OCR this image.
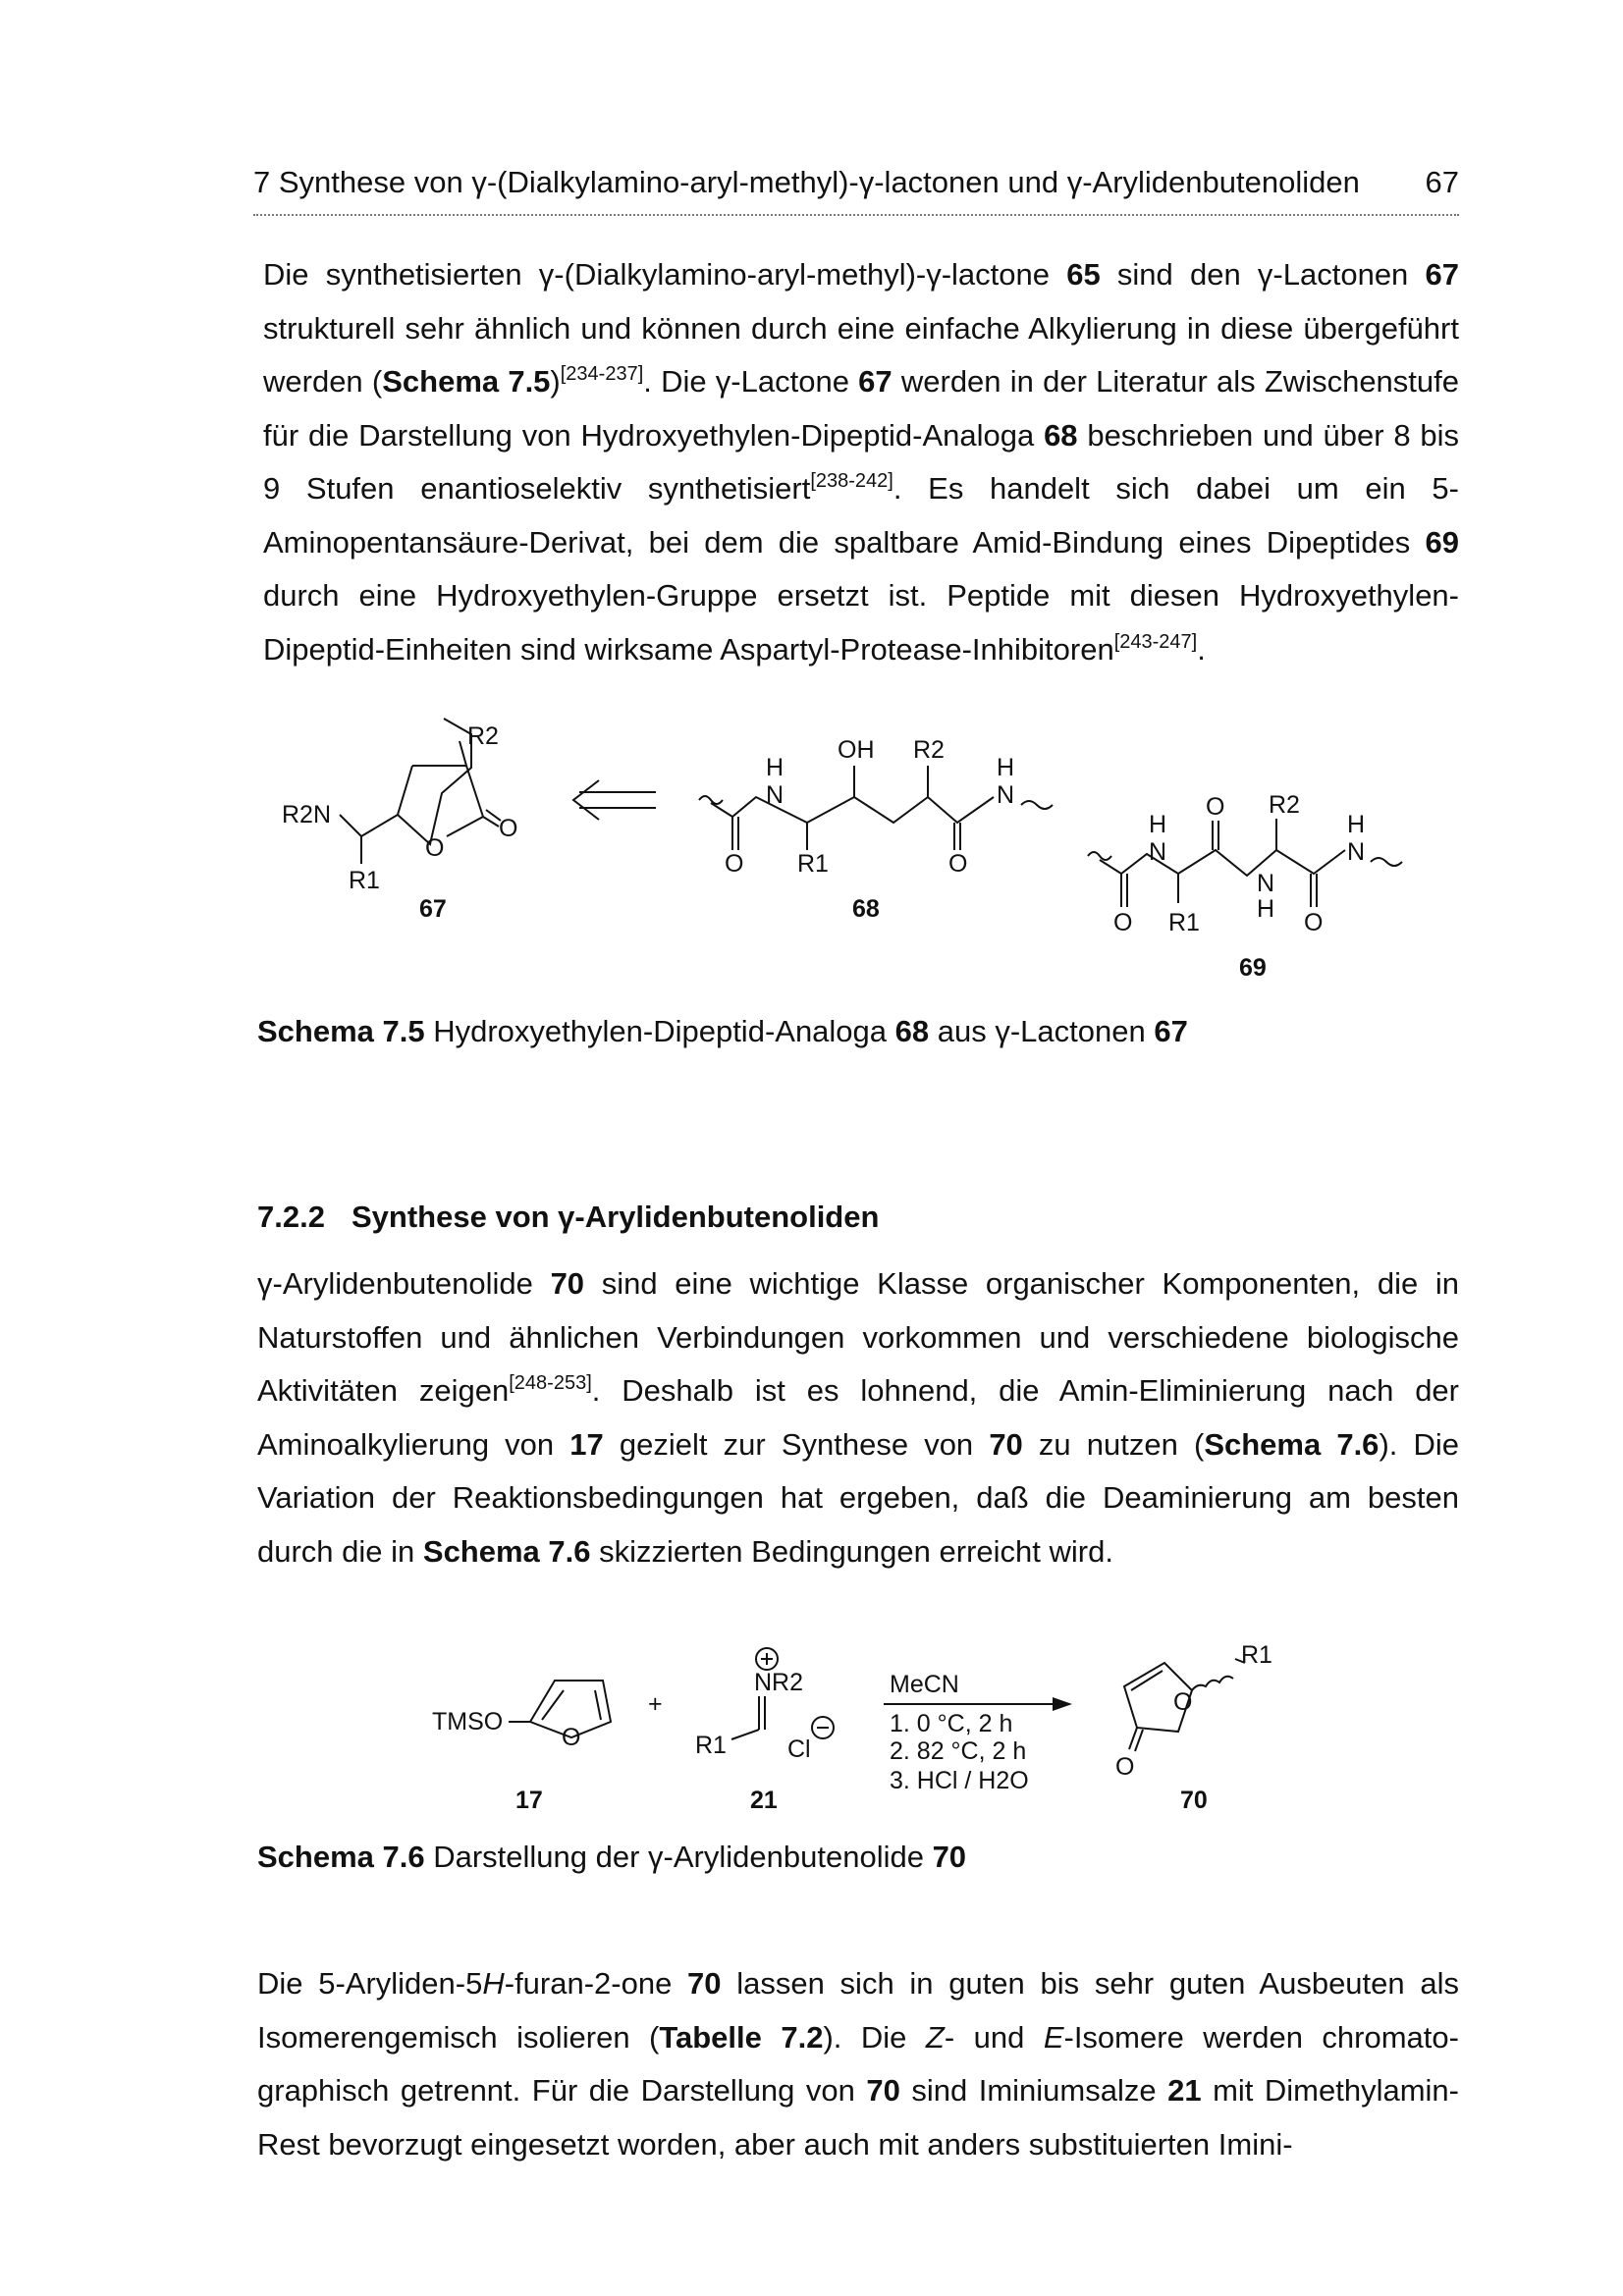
7 Synthese von γ-(Dialkylamino-aryl-methyl)-γ-lactonen und γ-Arylidenbutenoliden 67

Die synthetisierten γ-(Dialkylamino-aryl-methyl)-γ-lactone 65 sind den γ-Lactonen 67 strukturell sehr ähnlich und können durch eine einfache Alkylierung in diese übergeführt werden (Schema 7.5)[234-237]. Die γ-Lactone 67 werden in der Literatur als Zwischenstufe für die Darstellung von Hydroxyethylen-Dipeptid-Analoga 68 beschrieben und über 8 bis 9 Stufen enantioselektiv synthetisiert[238-242]. Es handelt sich dabei um ein 5-Aminopentansäure-Derivat, bei dem die spaltbare Amid-Bindung eines Dipeptides 69 durch eine Hydroxyethylen-Gruppe ersetzt ist. Peptide mit diesen Hydroxyethylen-Dipeptid-Einheiten sind wirksame Aspartyl-Protease-Inhibitoren[243-247].

R2N
O
O
R1
R2
67
N
H
N
H
OH R2
O R1	O
68
N
H
N
H
N
H
O R2
O R1	O
69
Schema 7.5 Hydroxyethylen-Dipeptid-Analoga 68 aus γ-Lactonen 67
7.2.2 Synthese von γ-Arylidenbutenoliden

γ-Arylidenbutenolide 70 sind eine wichtige Klasse organischer Komponenten, die in Naturstoffen und ähnlichen Verbindungen vorkommen und verschiedene biologische Aktivitäten zeigen[248-253]. Deshalb ist es lohnend, die Amin-Eliminierung nach der Aminoalkylierung von 17 gezielt zur Synthese von 70 zu nutzen (Schema 7.6). Die Variation der Reaktionsbedingungen hat ergeben, daß die Deaminierung am besten durch die in Schema 7.6 skizzierten Bedingungen erreicht wird.

TMSO
O
17
+
NR2
R1 Cl
21
MeCN
1. 0 °C, 2 h
2. 82 °C, 2 h
3. HCl / H2O
R1
O
O
70
Schema 7.6 Darstellung der γ-Arylidenbutenolide 70

Die 5-Aryliden-5H-furan-2-one 70 lassen sich in guten bis sehr guten Ausbeuten als Isomerengemisch isolieren (Tabelle 7.2). Die Z- und E-Isomere werden chromatographisch getrennt. Für die Darstellung von 70 sind Iminiumsalze 21 mit Dimethylamin-Rest bevorzugt eingesetzt worden, aber auch mit anders substituierten Imini-
